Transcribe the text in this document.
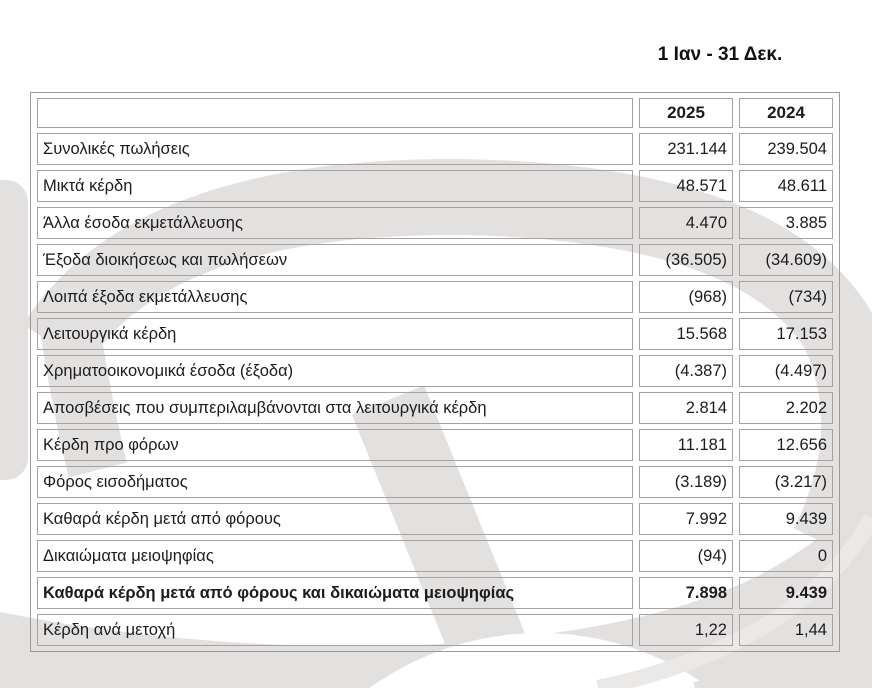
1 Ιαν - 31 Δεκ.
	2025	2024
Συνολικές πωλήσεις	231.144	239.504
Μικτά κέρδη	48.571	48.611
Άλλα έσοδα εκμετάλλευσης	4.470	3.885
Έξοδα διοικήσεως και πωλήσεων	(36.505)	(34.609)
Λοιπά έξοδα εκμετάλλευσης	(968)	(734)
Λειτουργικά κέρδη	15.568	17.153
Χρηματοοικονομικά έσοδα (έξοδα)	(4.387)	(4.497)
Αποσβέσεις που συμπεριλαμβάνονται στα λειτουργικά κέρδη	2.814	2.202
Κέρδη προ φόρων	11.181	12.656
Φόρος εισοδήματος	(3.189)	(3.217)
Καθαρά κέρδη μετά από φόρους	7.992	9.439
Δικαιώματα μειοψηφίας	(94)	0
Καθαρά κέρδη μετά από φόρους και δικαιώματα μειοψηφίας	7.898	9.439
Κέρδη ανά μετοχή	1,22	1,44
